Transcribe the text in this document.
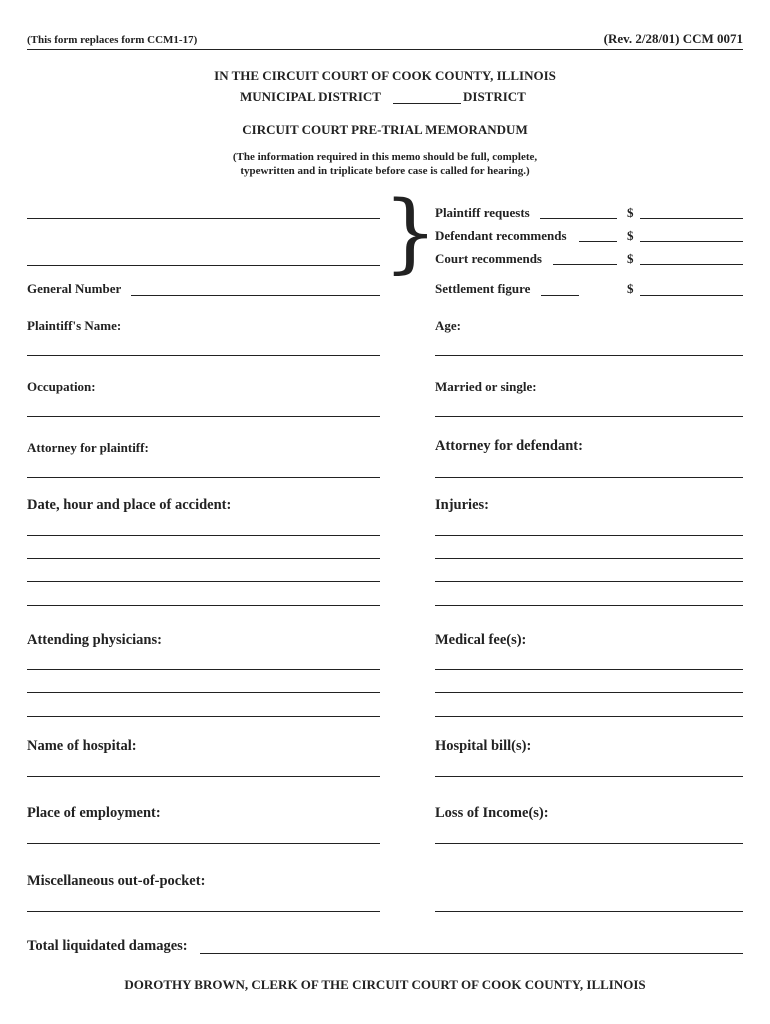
(This form replaces form CCM1-17)	(Rev. 2/28/01) CCM 0071
IN THE CIRCUIT COURT OF COOK COUNTY, ILLINOIS
MUNICIPAL DISTRICT	DISTRICT
CIRCUIT COURT PRE-TRIAL MEMORANDUM
(The information required in this memo should be full, complete,
typewritten and in triplicate before case is called for hearing.)
}
Plaintiff requests	$
Defendant recommends	$
Court recommends	$
General Number	Settlement figure	$
Plaintiff's Name:	Age:
Occupation:	Married or single:
Attorney for plaintiff:	Attorney for defendant:
Date, hour and place of accident:	Injuries:
Attending physicians:	Medical fee(s):
Name of hospital:	Hospital bill(s):
Place of employment:	Loss of Income(s):
Miscellaneous out-of-pocket:
Total liquidated damages:
DOROTHY BROWN, CLERK OF THE CIRCUIT COURT OF COOK COUNTY, ILLINOIS
